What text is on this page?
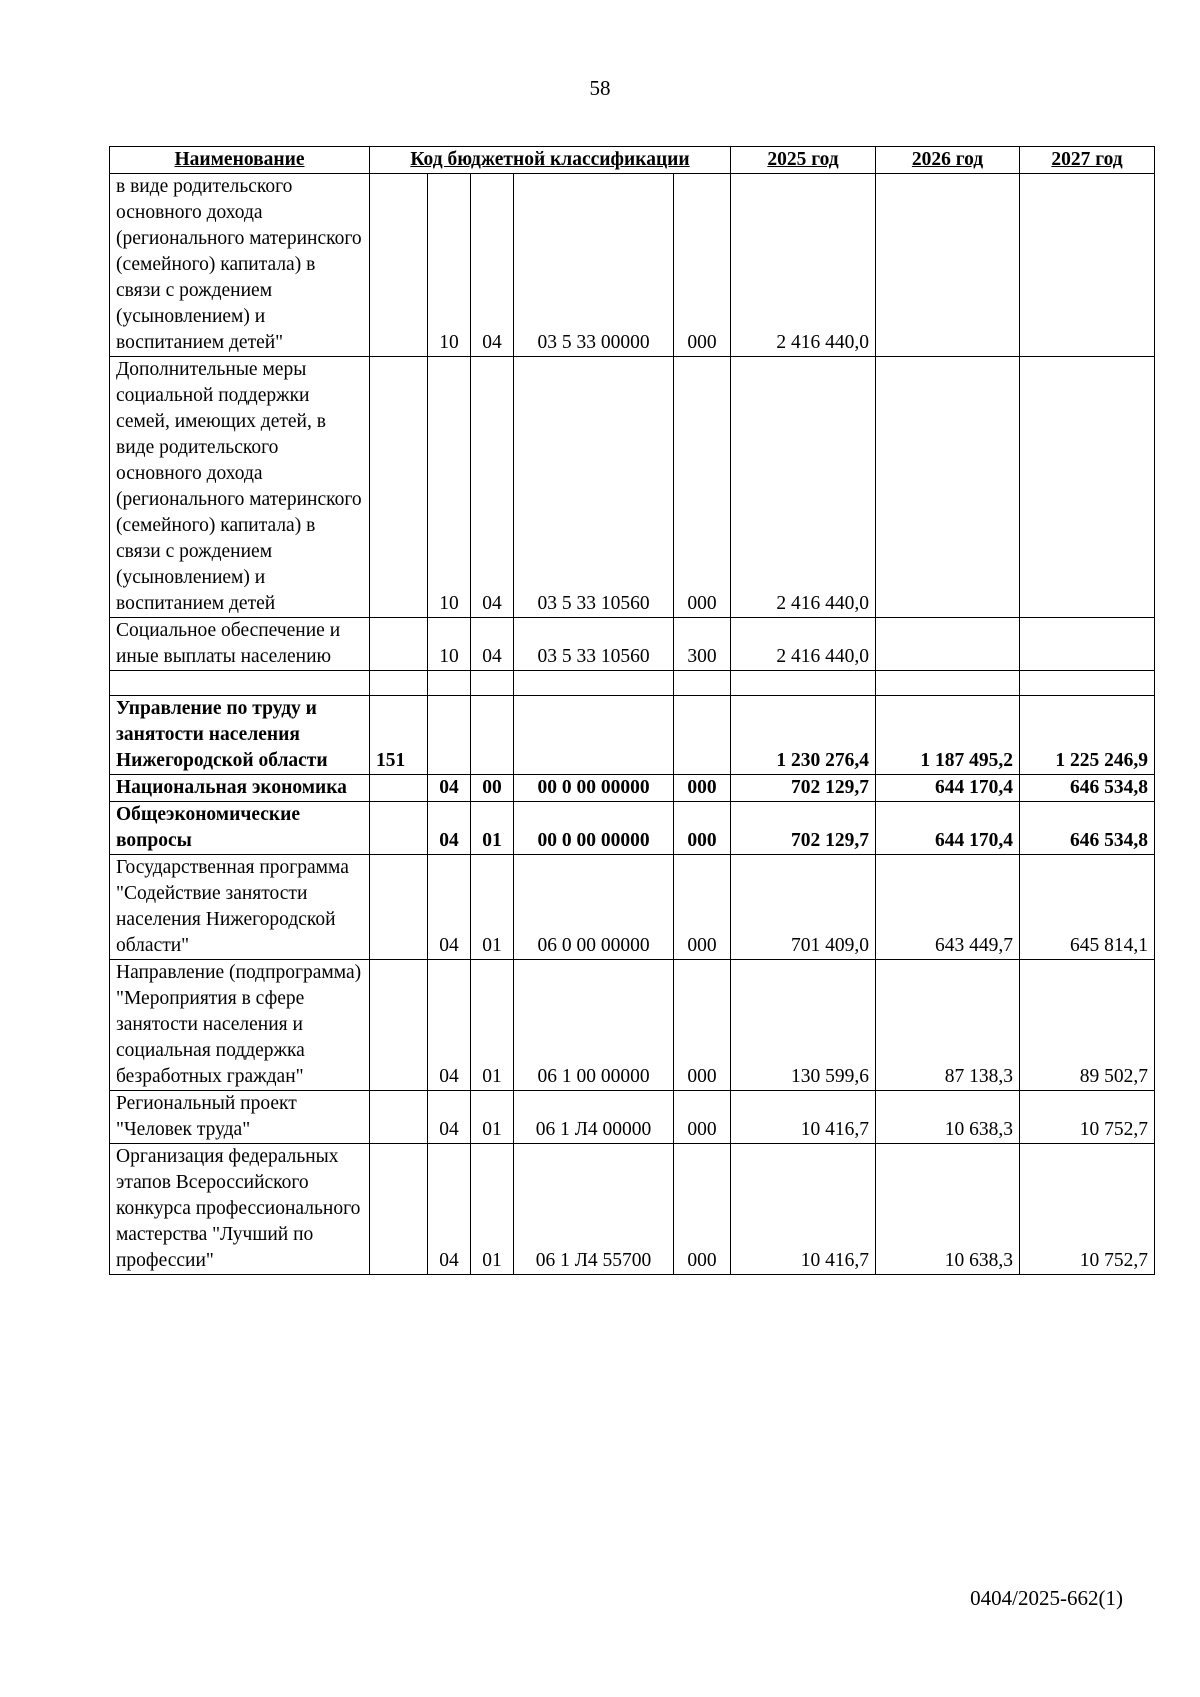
58
Наименование	Код бюджетной классификации					2025 год	2026 год	2027 год
в виде родительского основного дохода (регионального материнского (семейного) капитала) в связи с рождением (усыновлением) и воспитанием детей"		10	04	03 5 33 00000	000	2 416 440,0		
Дополнительные меры социальной поддержки семей, имеющих детей, в виде родительского основного дохода (регионального материнского (семейного) капитала) в связи с рождением (усыновлением) и воспитанием детей		10	04	03 5 33 10560	000	2 416 440,0		
Социальное обеспечение и иные выплаты населению		10	04	03 5 33 10560	300	2 416 440,0		

Управление по труду и занятости населения Нижегородской области	151					1 230 276,4	1 187 495,2	1 225 246,9
Национальная экономика		04	00	00 0 00 00000	000	702 129,7	644 170,4	646 534,8
Общеэкономические вопросы		04	01	00 0 00 00000	000	702 129,7	644 170,4	646 534,8
Государственная программа "Содействие занятости населения Нижегородской области"		04	01	06 0 00 00000	000	701 409,0	643 449,7	645 814,1
Направление (подпрограмма) "Мероприятия в сфере занятости населения и социальная поддержка безработных граждан"		04	01	06 1 00 00000	000	130 599,6	87 138,3	89 502,7
Региональный проект "Человек труда"		04	01	06 1 Л4 00000	000	10 416,7	10 638,3	10 752,7
Организация федеральных этапов Всероссийского конкурса профессионального мастерства "Лучший по профессии"		04	01	06 1 Л4 55700	000	10 416,7	10 638,3	10 752,7
0404/2025-662(1)
